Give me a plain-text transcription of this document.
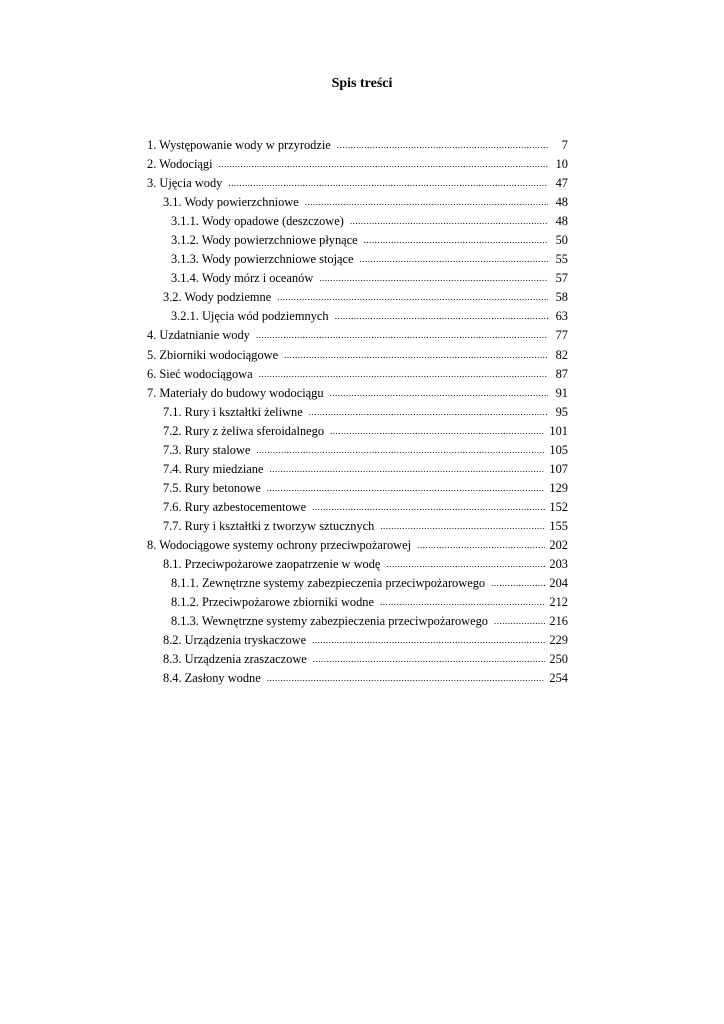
Spis treści
1. Występowanie wody w przyrodzie .....	7
2. Wodociągi .....	10
3. Ujęcia wody .....	47
3.1. Wody powierzchniowe .....	48
3.1.1. Wody opadowe (deszczowe) .....	48
3.1.2. Wody powierzchniowe płynące .....	50
3.1.3. Wody powierzchniowe stojące .....	55
3.1.4. Wody mórz i oceanów .....	57
3.2. Wody podziemne .....	58
3.2.1. Ujęcia wód podziemnych .....	63
4. Uzdatnianie wody .....	77
5. Zbiorniki wodociągowe .....	82
6. Sieć wodociągowa .....	87
7. Materiały do budowy wodociągu .....	91
7.1. Rury i kształtki żeliwne .....	95
7.2. Rury z żeliwa sferoidalnego .....	101
7.3. Rury stalowe .....	105
7.4. Rury miedziane .....	107
7.5. Rury betonowe .....	129
7.6. Rury azbestocementowe .....	152
7.7. Rury i kształtki z tworzyw sztucznych .....	155
8. Wodociągowe systemy ochrony przeciwpożarowej .....	202
8.1. Przeciwpożarowe zaopatrzenie w wodę .....	203
8.1.1. Zewnętrzne systemy zabezpieczenia przeciwpożarowego .....	204
8.1.2. Przeciwpożarowe zbiorniki wodne .....	212
8.1.3. Wewnętrzne systemy zabezpieczenia przeciwpożarowego .....	216
8.2. Urządzenia tryskaczowe .....	229
8.3. Urządzenia zraszaczowe .....	250
8.4. Zasłony wodne .....	254
